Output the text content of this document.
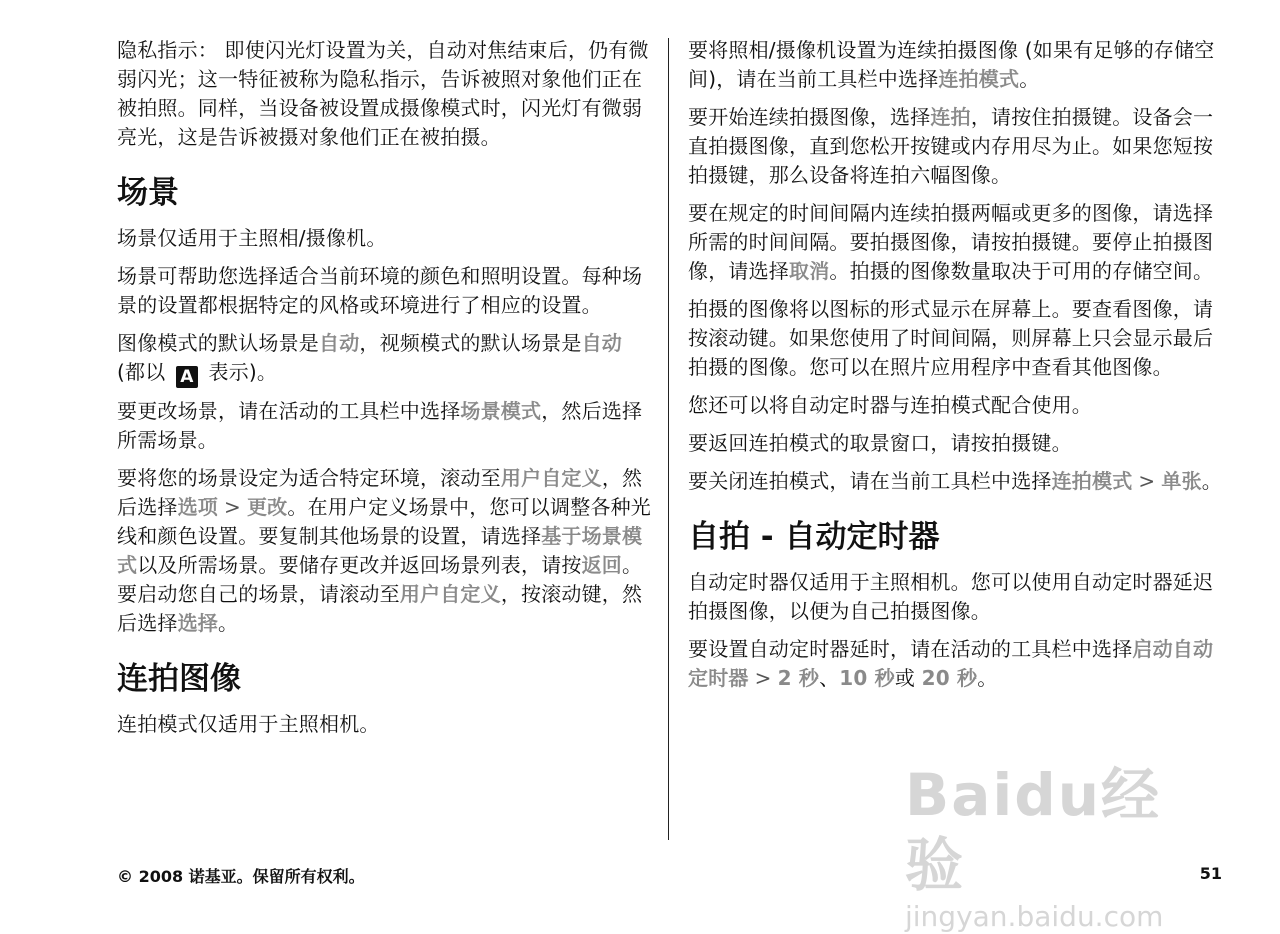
隐私指示： 即使闪光灯设置为关，自动对焦结束后，仍有微弱闪光；这一特征被称为隐私指示，告诉被照对象他们正在被拍照。同样，当设备被设置成摄像模式时，闪光灯有微弱亮光，这是告诉被摄对象他们正在被拍摄。

场景

场景仅适用于主照相/摄像机。

场景可帮助您选择适合当前环境的颜色和照明设置。每种场景的设置都根据特定的风格或环境进行了相应的设置。

图像模式的默认场景是自动，视频模式的默认场景是自动 (都以 A 表示)。

要更改场景，请在活动的工具栏中选择场景模式，然后选择所需场景。

要将您的场景设定为适合特定环境，滚动至用户自定义，然后选择选项 > 更改。在用户定义场景中，您可以调整各种光线和颜色设置。要复制其他场景的设置，请选择基于场景模式以及所需场景。要储存更改并返回场景列表，请按返回。要启动您自己的场景，请滚动至用户自定义，按滚动键，然后选择选择。

连拍图像

连拍模式仅适用于主照相机。

要将照相/摄像机设置为连续拍摄图像 (如果有足够的存储空间)，请在当前工具栏中选择连拍模式。

要开始连续拍摄图像，选择连拍，请按住拍摄键。设备会一直拍摄图像，直到您松开按键或内存用尽为止。如果您短按拍摄键，那么设备将连拍六幅图像。

要在规定的时间间隔内连续拍摄两幅或更多的图像，请选择所需的时间间隔。要拍摄图像，请按拍摄键。要停止拍摄图像，请选择取消。拍摄的图像数量取决于可用的存储空间。

拍摄的图像将以图标的形式显示在屏幕上。要查看图像，请按滚动键。如果您使用了时间间隔，则屏幕上只会显示最后拍摄的图像。您可以在照片应用程序中查看其他图像。

您还可以将自动定时器与连拍模式配合使用。

要返回连拍模式的取景窗口，请按拍摄键。

要关闭连拍模式，请在当前工具栏中选择连拍模式 > 单张。

自拍 - 自动定时器

自动定时器仅适用于主照相机。您可以使用自动定时器延迟拍摄图像，以便为自己拍摄图像。

要设置自动定时器延时，请在活动的工具栏中选择启动自动定时器 > 2 秒、10 秒或 20 秒。

Baidu经验
jingyan.baidu.com
© 2008 诺基亚。保留所有权利。	51
